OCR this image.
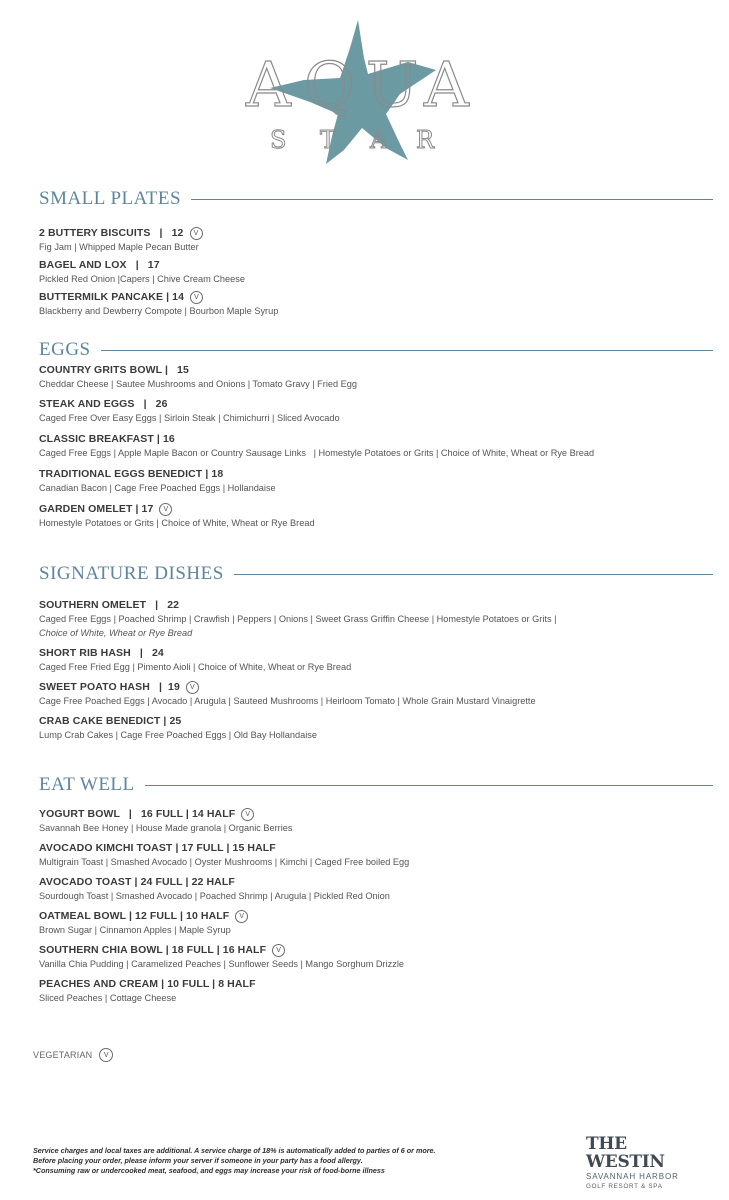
A Q U A
S T A R
SMALL PLATES
2 BUTTERY BISCUITS   |   12	V
Fig Jam | Whipped Maple Pecan Butter
BAGEL AND LOX   |   17
Pickled Red Onion |Capers | Chive Cream Cheese
BUTTERMILK PANCAKE | 14	V
Blackberry and Dewberry Compote | Bourbon Maple Syrup
EGGS
COUNTRY GRITS BOWL |   15
Cheddar Cheese | Sautee Mushrooms and Onions | Tomato Gravy | Fried Egg
STEAK AND EGGS   |   26
Caged Free Over Easy Eggs | Sirloin Steak | Chimichurri | Sliced Avocado
CLASSIC BREAKFAST | 16
Caged Free Eggs | Apple Maple Bacon or Country Sausage Links   | Homestyle Potatoes or Grits | Choice of White, Wheat or Rye Bread
TRADITIONAL EGGS BENEDICT | 18
Canadian Bacon | Cage Free Poached Eggs | Hollandaise
GARDEN OMELET | 17	V
Homestyle Potatoes or Grits | Choice of White, Wheat or Rye Bread
SIGNATURE DISHES
SOUTHERN OMELET   |   22
Caged Free Eggs | Poached Shrimp | Crawfish | Peppers | Onions | Sweet Grass Griffin Cheese | Homestyle Potatoes or Grits |
Choice of White, Wheat or Rye Bread
SHORT RIB HASH   |   24
Caged Free Fried Egg | Pimento Aioli | Choice of White, Wheat or Rye Bread
SWEET POATO HASH   |  19	V
Cage Free Poached Eggs | Avocado | Arugula | Sauteed Mushrooms | Heirloom Tomato | Whole Grain Mustard Vinaigrette
CRAB CAKE BENEDICT | 25
Lump Crab Cakes | Cage Free Poached Eggs | Old Bay Hollandaise
EAT WELL
YOGURT BOWL   |   16 FULL | 14 HALF	V
Savannah Bee Honey | House Made granola | Organic Berries
AVOCADO KIMCHI TOAST | 17 FULL | 15 HALF
Multigrain Toast | Smashed Avocado | Oyster Mushrooms | Kimchi | Caged Free boiled Egg
AVOCADO TOAST | 24 FULL | 22 HALF
Sourdough Toast | Smashed Avocado | Poached Shrimp | Arugula | Pickled Red Onion
OATMEAL BOWL | 12 FULL | 10 HALF	V
Brown Sugar | Cinnamon Apples | Maple Syrup
SOUTHERN CHIA BOWL | 18 FULL | 16 HALF	V
Vanilla Chia Pudding | Caramelized Peaches | Sunflower Seeds | Mango Sorghum Drizzle
PEACHES AND CREAM | 10 FULL | 8 HALF
Sliced Peaches | Cottage Cheese
VEGETARIAN	V
Service charges and local taxes are additional. A service charge of 18% is automatically added to parties of 6 or more.
Before placing your order, please inform your server if someone in your party has a food allergy.
*Consuming raw or undercooked meat, seafood, and eggs may increase your risk of food-borne illness
THE WESTIN
SAVANNAH HARBOR
GOLF RESORT & SPA
